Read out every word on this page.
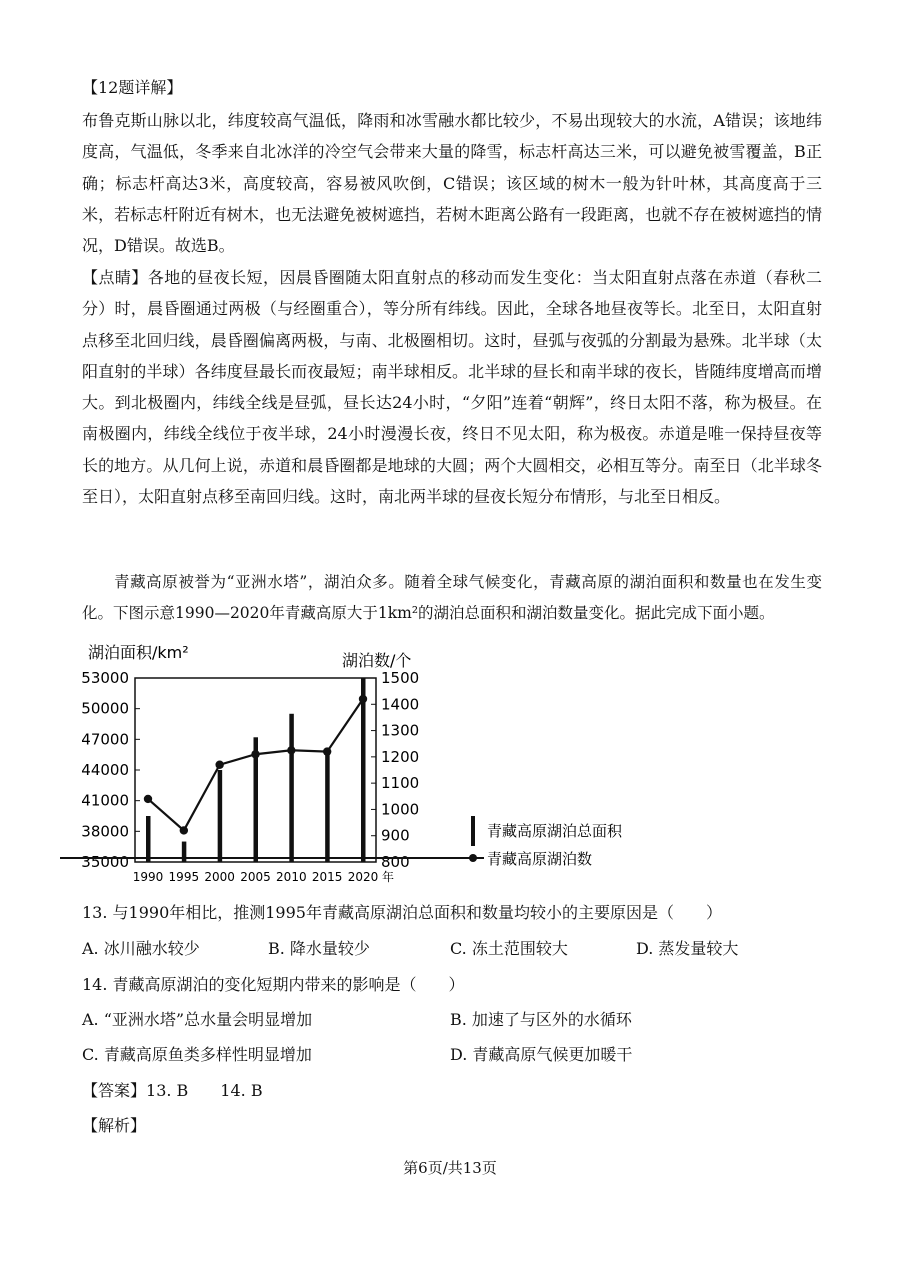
【12题详解】

布鲁克斯山脉以北，纬度较高气温低，降雨和冰雪融水都比较少，不易出现较大的水流，A错误；该地纬度高，气温低，冬季来自北冰洋的冷空气会带来大量的降雪，标志杆高达三米，可以避免被雪覆盖，B正确；标志杆高达3米，高度较高，容易被风吹倒，C错误；该区域的树木一般为针叶林，其高度高于三米，若标志杆附近有树木，也无法避免被树遮挡，若树木距离公路有一段距离，也就不存在被树遮挡的情况，D错误。故选B。

【点睛】各地的昼夜长短，因晨昏圈随太阳直射点的移动而发生变化：当太阳直射点落在赤道（春秋二分）时，晨昏圈通过两极（与经圈重合），等分所有纬线。因此，全球各地昼夜等长。北至日，太阳直射点移至北回归线，晨昏圈偏离两极，与南、北极圈相切。这时，昼弧与夜弧的分割最为悬殊。北半球（太阳直射的半球）各纬度昼最长而夜最短；南半球相反。北半球的昼长和南半球的夜长，皆随纬度增高而增大。到北极圈内，纬线全线是昼弧，昼长达24小时，“夕阳”连着“朝辉”，终日太阳不落，称为极昼。在南极圈内，纬线全线位于夜半球，24小时漫漫长夜，终日不见太阳，称为极夜。赤道是唯一保持昼夜等长的地方。从几何上说，赤道和晨昏圈都是地球的大圆；两个大圆相交，必相互等分。南至日（北半球冬至日），太阳直射点移至南回归线。这时，南北两半球的昼夜长短分布情形，与北至日相反。

青藏高原被誉为“亚洲水塔”，湖泊众多。随着全球气候变化，青藏高原的湖泊面积和数量也在发生变化。下图示意1990—2020年青藏高原大于1km²的湖泊总面积和湖泊数量变化。据此完成下面小题。

湖泊面积/km²	湖泊数/个
53000
50000
47000
44000
41000
38000
35000
1500
1400
1300
1200
1100
1000
900
800
1990 1995 2000 2005 2010 2015 2020 年
青藏高原湖泊总面积
青藏高原湖泊数

13. 与1990年相比，推测1995年青藏高原湖泊总面积和数量均较小的主要原因是（　　）

A. 冰川融水较少	B. 降水量较少	C. 冻土范围较大	D. 蒸发量较大

14. 青藏高原湖泊的变化短期内带来的影响是（　　）

A. “亚洲水塔”总水量会明显增加	B. 加速了与区外的水循环
C. 青藏高原鱼类多样性明显增加	D. 青藏高原气候更加暖干

【答案】13. B　　14. B

【解析】

第6页/共13页
